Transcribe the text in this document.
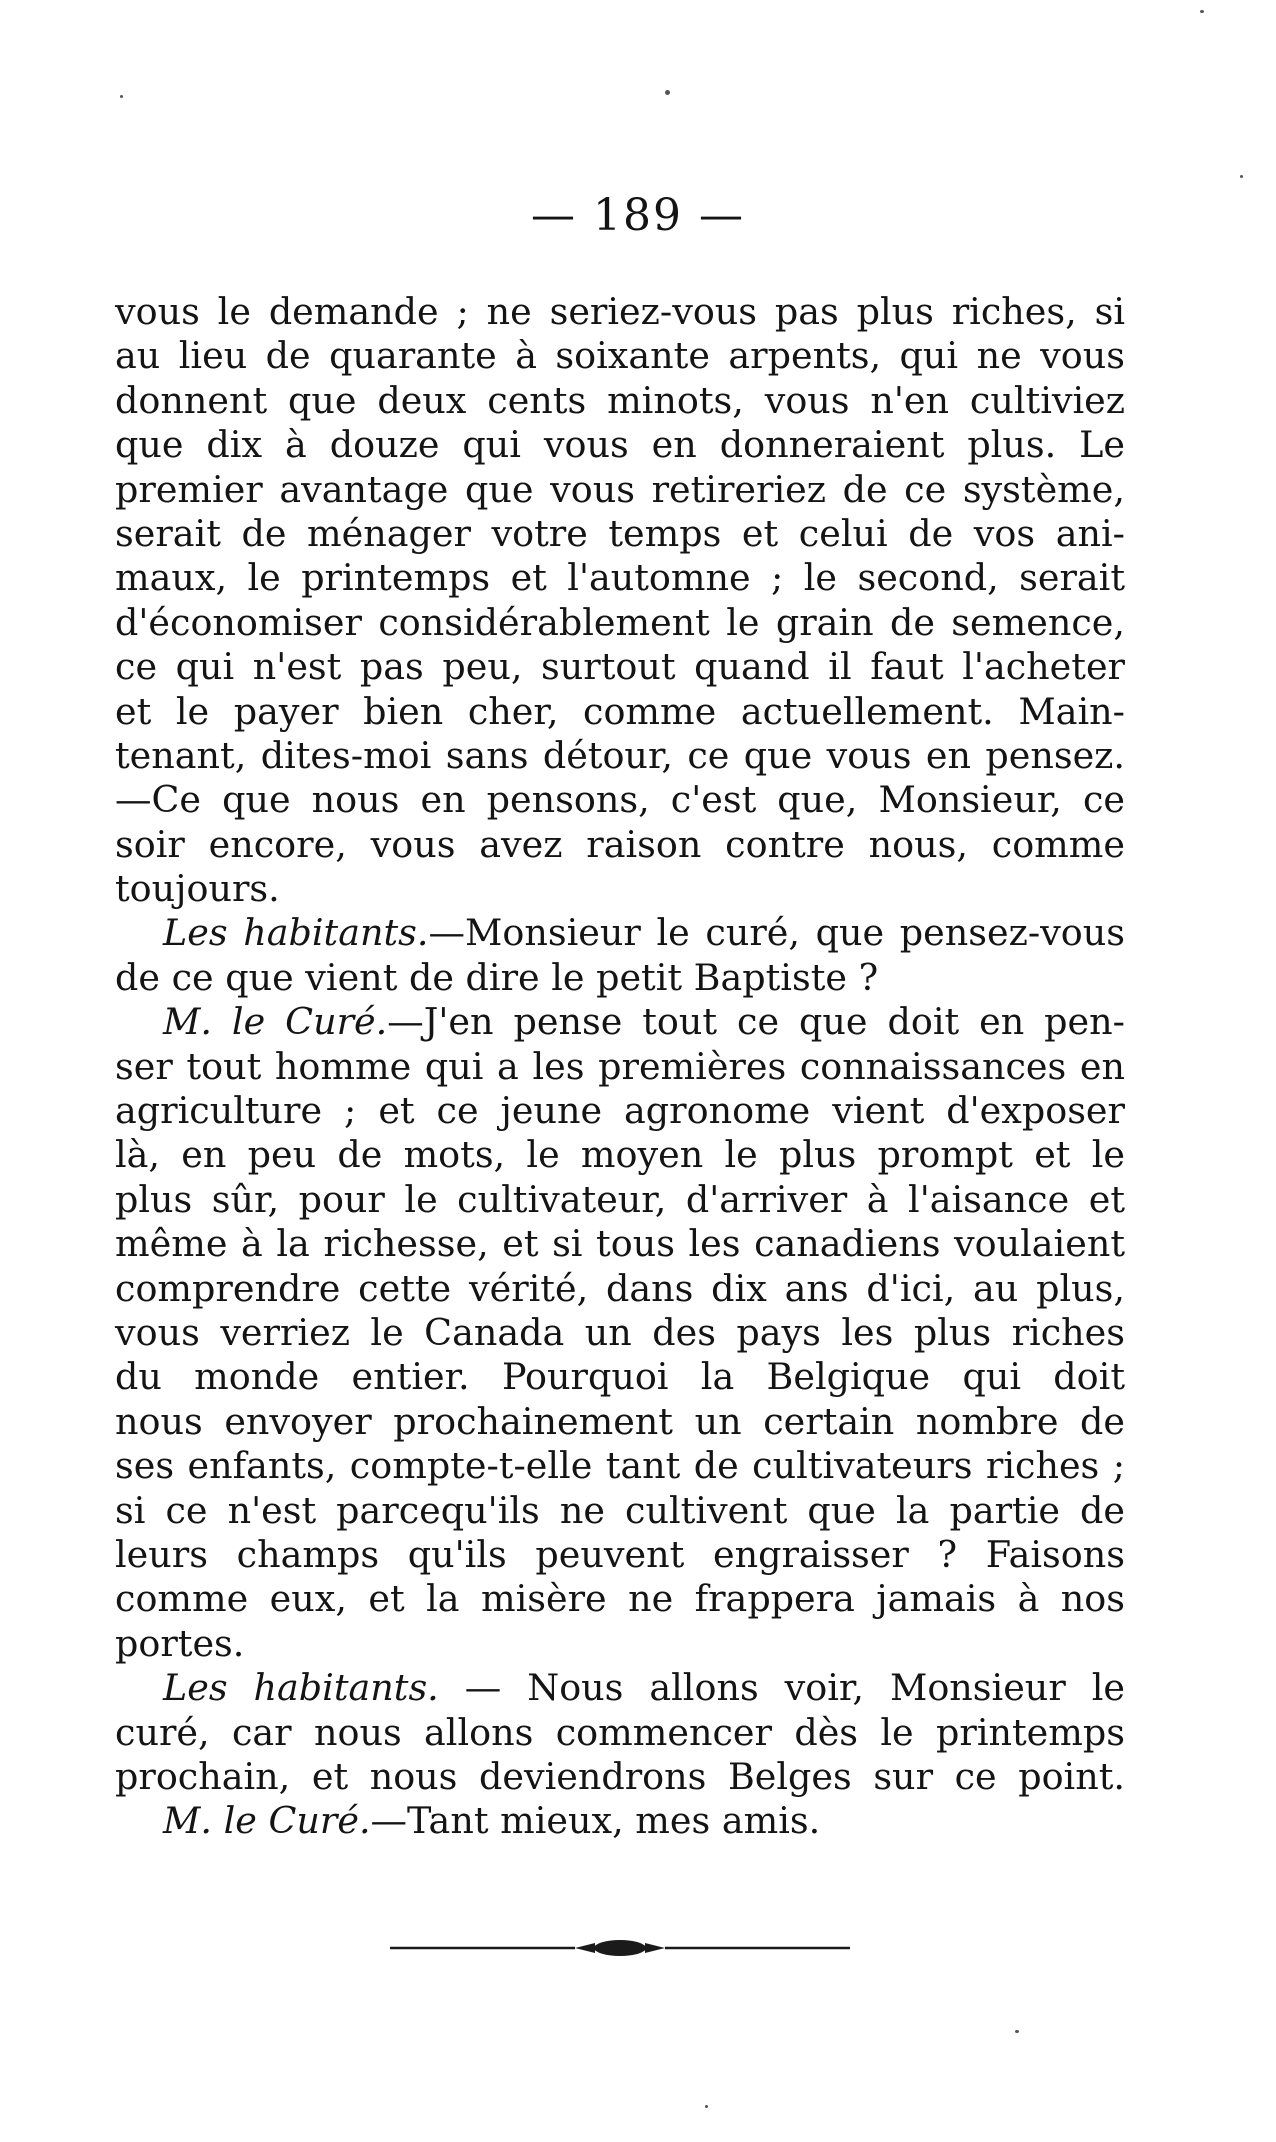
— 189 —
vous le demande ; ne seriez-vous pas plus riches, si
au lieu de quarante à soixante arpents, qui ne vous
donnent que deux cents minots, vous n'en cultiviez
que dix à douze qui vous en donneraient plus. Le
premier avantage que vous retireriez de ce système,
serait de ménager votre temps et celui de vos ani-
maux, le printemps et l'automne ; le second, serait
d'économiser considérablement le grain de semence,
ce qui n'est pas peu, surtout quand il faut l'acheter
et le payer bien cher, comme actuellement. Main-
tenant, dites-moi sans détour, ce que vous en pensez.
—Ce que nous en pensons, c'est que, Monsieur, ce
soir encore, vous avez raison contre nous, comme
toujours.
Les habitants.—Monsieur le curé, que pensez-vous
de ce que vient de dire le petit Baptiste ?
M. le Curé.—J'en pense tout ce que doit en pen-
ser tout homme qui a les premières connaissances en
agriculture ; et ce jeune agronome vient d'exposer
là, en peu de mots, le moyen le plus prompt et le
plus sûr, pour le cultivateur, d'arriver à l'aisance et
même à la richesse, et si tous les canadiens voulaient
comprendre cette vérité, dans dix ans d'ici, au plus,
vous verriez le Canada un des pays les plus riches
du monde entier. Pourquoi la Belgique qui doit
nous envoyer prochainement un certain nombre de
ses enfants, compte-t-elle tant de cultivateurs riches ;
si ce n'est parcequ'ils ne cultivent que la partie de
leurs champs qu'ils peuvent engraisser ? Faisons
comme eux, et la misère ne frappera jamais à nos
portes.
Les habitants. — Nous allons voir, Monsieur le
curé, car nous allons commencer dès le printemps
prochain, et nous deviendrons Belges sur ce point.
M. le Curé.—Tant mieux, mes amis.
